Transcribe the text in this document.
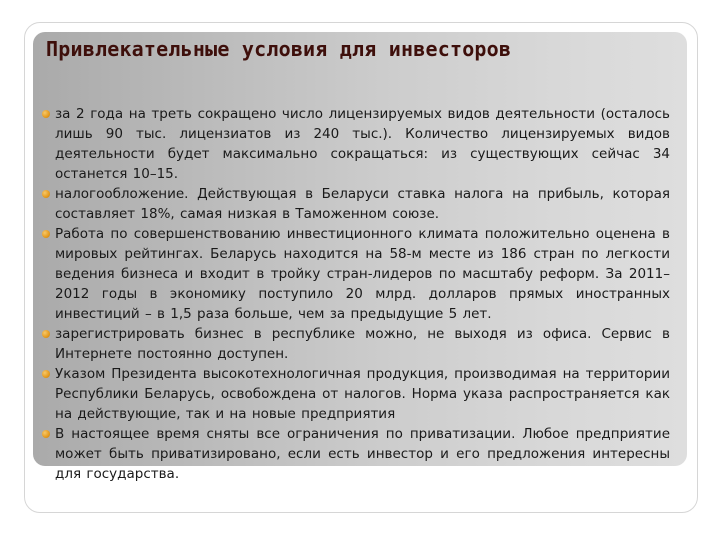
Привлекательные условия для инвесторов

за 2 года на треть сокращено число лицензируемых видов деятельности (осталось лишь 90 тыс. лицензиатов из 240 тыс.). Количество лицензируемых видов деятельности будет максимально сокращаться: из существующих сейчас 34 останется 10–15.

налогообложение. Действующая в Беларуси ставка налога на прибыль, которая составляет 18%, самая низкая в Таможенном союзе.

Работа по совершенствованию инвестиционного климата положительно оценена в мировых рейтингах. Беларусь находится на 58-м месте из 186 стран по легкости ведения бизнеса и входит в тройку стран-лидеров по масштабу реформ. За 2011–2012 годы в экономику поступило 20 млрд. долларов прямых иностранных инвестиций – в 1,5 раза больше, чем за предыдущие 5 лет.

зарегистрировать бизнес в республике можно, не выходя из офиса. Сервис в Интернете постоянно доступен.

Указом Президента высокотехнологичная продукция, производимая на территории Республики Беларусь, освобождена от налогов. Норма указа распространяется как на действующие, так и на новые предприятия

В настоящее время сняты все ограничения по приватизации. Любое предприятие может быть приватизировано, если есть инвестор и его предложения интересны для государства.
